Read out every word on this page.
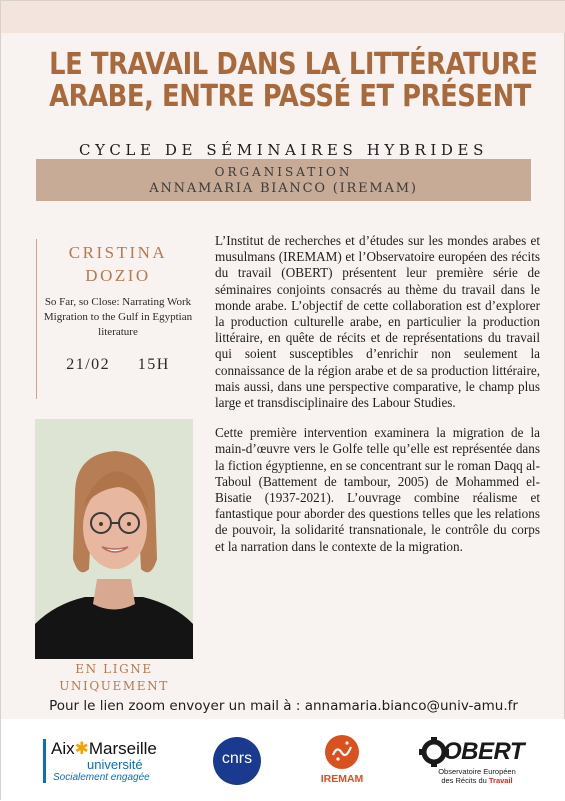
LE TRAVAIL DANS LA LITTÉRATURE
ARABE, ENTRE PASSÉ ET PRÉSENT
CYCLE DE SÉMINAIRES HYBRIDES
ORGANISATION
ANNAMARIA BIANCO (IREMAM)
CRISTINA
DOZIO
So Far, so Close: Narrating Work Migration to the Gulf in Egyptian literature
21/02 15H
EN LIGNE
UNIQUEMENT

L’Institut de recherches et d’études sur les mondes arabes et musulmans (IREMAM) et l’Observatoire européen des récits du travail (OBERT) présentent leur première série de séminaires conjoints consacrés au thème du travail dans le monde arabe. L’objectif de cette collaboration est d’explorer la production culturelle arabe, en particulier la production littéraire, en quête de récits et de représentations du travail qui soient susceptibles d’enrichir non seulement la connaissance de la région arabe et de sa production littéraire, mais aussi, dans une perspective comparative, le champ plus large et transdisciplinaire des Labour Studies.

Cette première intervention examinera la migration de la main-d’œuvre vers le Golfe telle qu’elle est représentée dans la fiction égyptienne, en se concentrant sur le roman Daqq al-Taboul (Battement de tambour, 2005) de Mohammed el-Bisatie (1937-2021). L’ouvrage combine réalisme et fantastique pour aborder des questions telles que les relations de pouvoir, la solidarité transnationale, le contrôle du corps et la narration dans le contexte de la migration.

Pour le lien zoom envoyer un mail à : annamaria.bianco@univ-amu.fr
Aix✱Marseille
université
Socialement engagée
cnrs
IREMAM
OBERT
Observatoire Européen
des Récits du Travail
